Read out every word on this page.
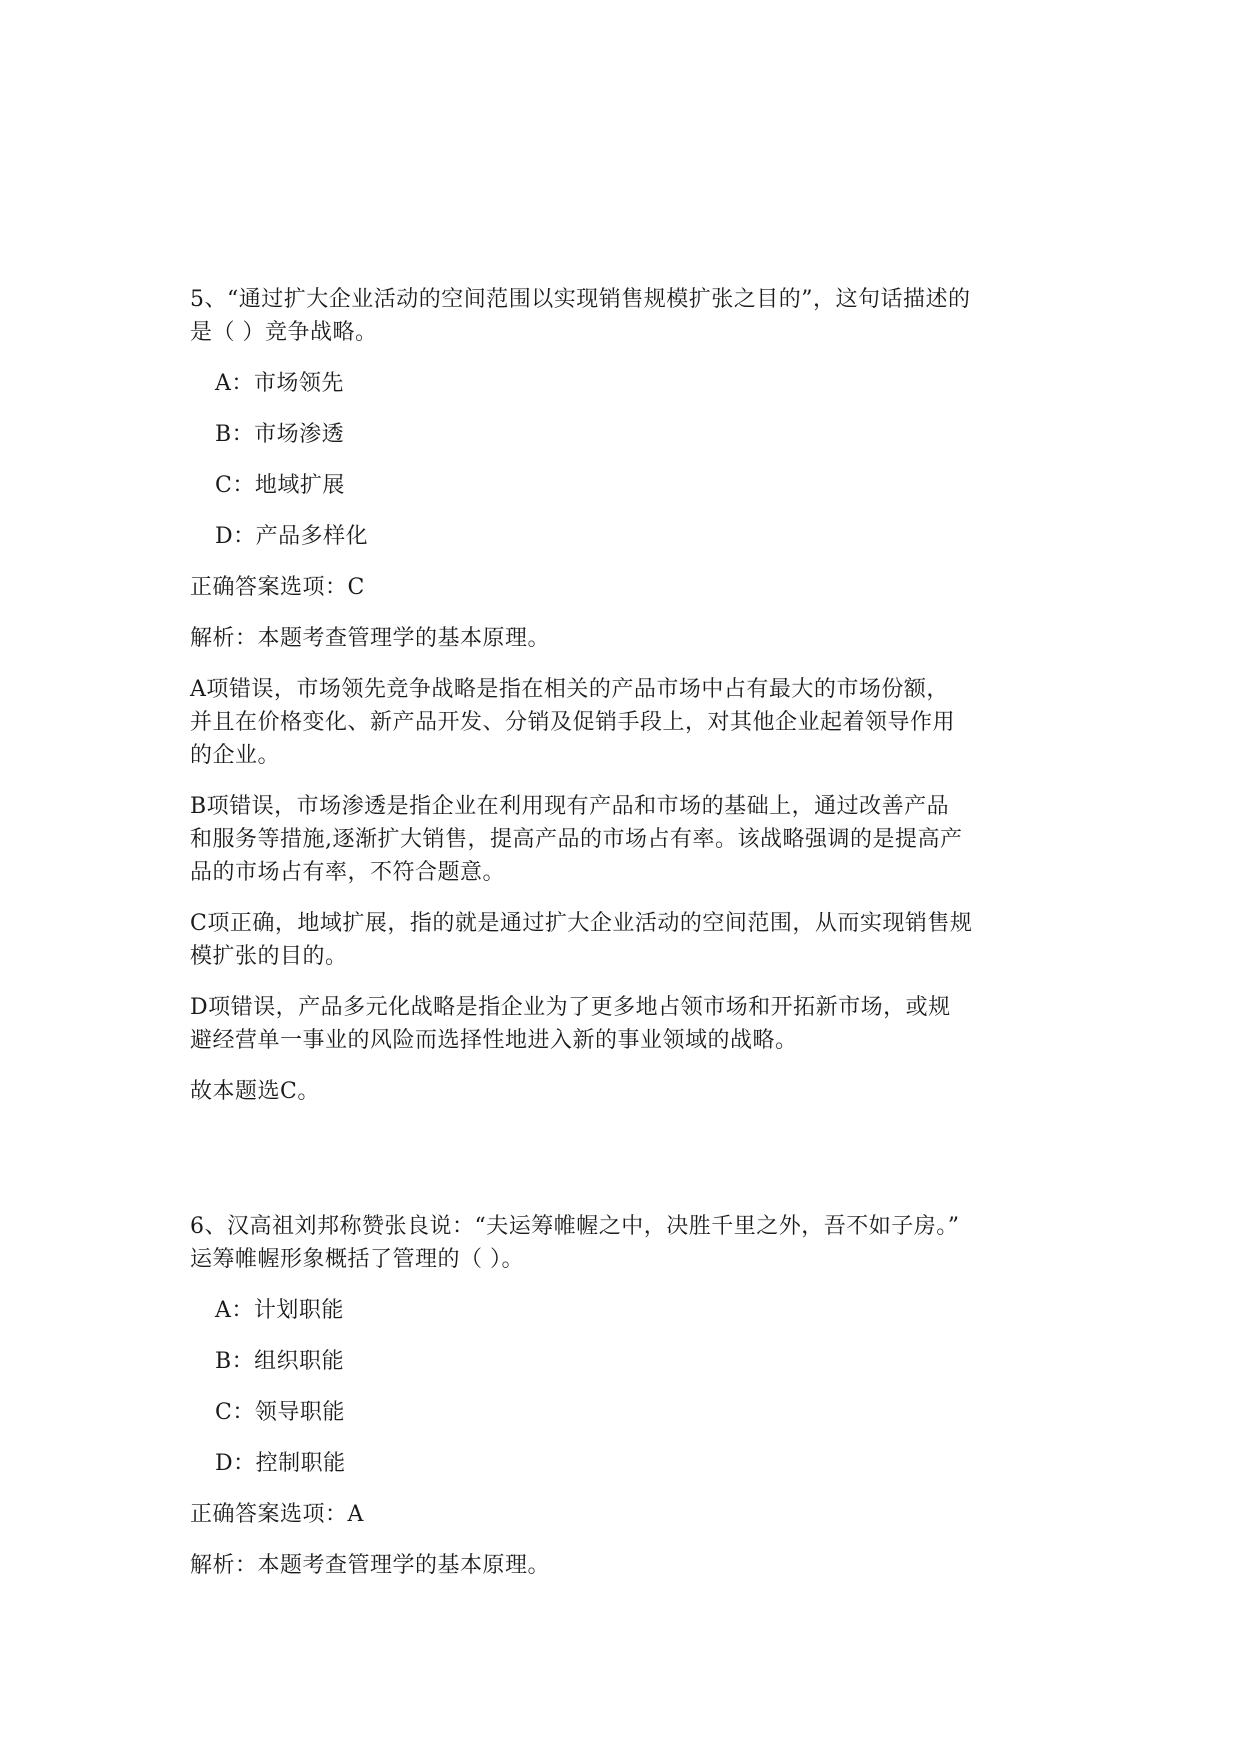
5、“通过扩大企业活动的空间范围以实现销售规模扩张之目的”，这句话描述的
是（ ）竞争战略。
A：市场领先
B：市场渗透
C：地域扩展
D：产品多样化
正确答案选项：C
解析：本题考查管理学的基本原理。
A项错误，市场领先竞争战略是指在相关的产品市场中占有最大的市场份额，
并且在价格变化、新产品开发、分销及促销手段上，对其他企业起着领导作用
的企业。
B项错误，市场渗透是指企业在利用现有产品和市场的基础上，通过改善产品
和服务等措施,逐渐扩大销售，提高产品的市场占有率。该战略强调的是提高产
品的市场占有率，不符合题意。
C项正确，地域扩展，指的就是通过扩大企业活动的空间范围，从而实现销售规
模扩张的目的。
D项错误，产品多元化战略是指企业为了更多地占领市场和开拓新市场，或规
避经营单一事业的风险而选择性地进入新的事业领域的战略。
故本题选C。
6、汉高祖刘邦称赞张良说：“夫运筹帷幄之中，决胜千里之外，吾不如子房。”
运筹帷幄形象概括了管理的（ ）。
A：计划职能
B：组织职能
C：领导职能
D：控制职能
正确答案选项：A
解析：本题考查管理学的基本原理。
